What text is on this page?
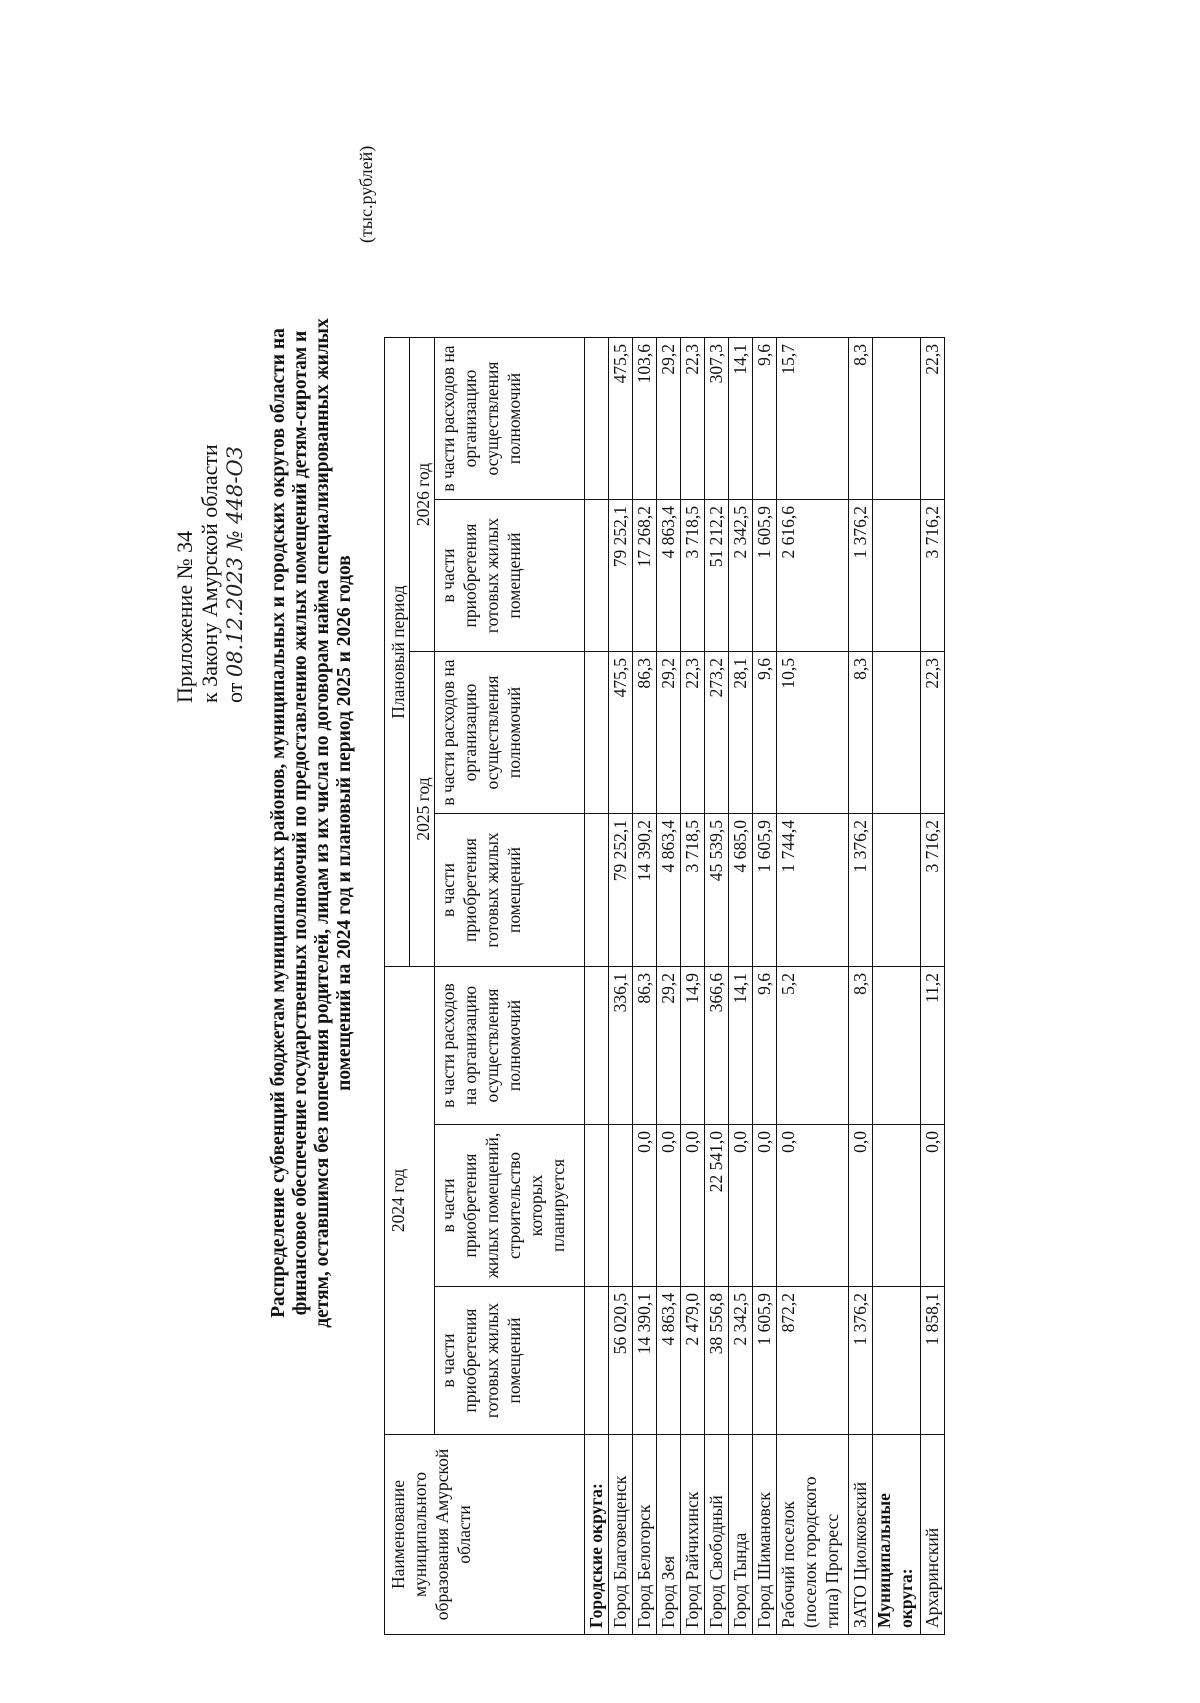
Приложение № 34 к Закону Амурской области от 08.12.2023 № 448-ОЗ Распределение субвенций бюджетам муниципальных районов, муниципальных и городских округов области на финансовое обеспечение государственных полномочий по предоставлению жилых помещений детям-сиротам и детям, оставшимся без попечения родителей, лицам из их числа по договорам найма специализированных жилых помещений на 2024 год и плановый период 2025 и 2026 годов
(тыс.рублей)
Наименование муниципального образования Амурской области	2024 год			Плановый период			
				2025 год		2026 год	
	в части приобретения готовых жилых помещений	в части приобретения жилых помещений, строительство которых планируется	в части расходов на организацию осуществления полномочий	в части приобретения готовых жилых помещений	в части расходов на организацию осуществления полномочий	в части приобретения готовых жилых помещений	в части расходов на организацию осуществления полномочий
Городские округа:							
Город Благовещенск	56 020,5		336,1	79 252,1	475,5	79 252,1	475,5
Город Белогорск	14 390,1	0,0	86,3	14 390,2	86,3	17 268,2	103,6
Город Зея	4 863,4	0,0	29,2	4 863,4	29,2	4 863,4	29,2
Город Райчихинск	2 479,0	0,0	14,9	3 718,5	22,3	3 718,5	22,3
Город Свободный	38 556,8	22 541,0	366,6	45 539,5	273,2	51 212,2	307,3
Город Тында	2 342,5	0,0	14,1	4 685,0	28,1	2 342,5	14,1
Город Шимановск	1 605,9	0,0	9,6	1 605,9	9,6	1 605,9	9,6
Рабочий поселок (поселок городского типа) Прогресс	872,2	0,0	5,2	1 744,4	10,5	2 616,6	15,7
ЗАТО Циолковский	1 376,2	0,0	8,3	1 376,2	8,3	1 376,2	8,3
Муниципальные округа:							
Архаринский	1 858,1	0,0	11,2	3 716,2	22,3	3 716,2	22,3
